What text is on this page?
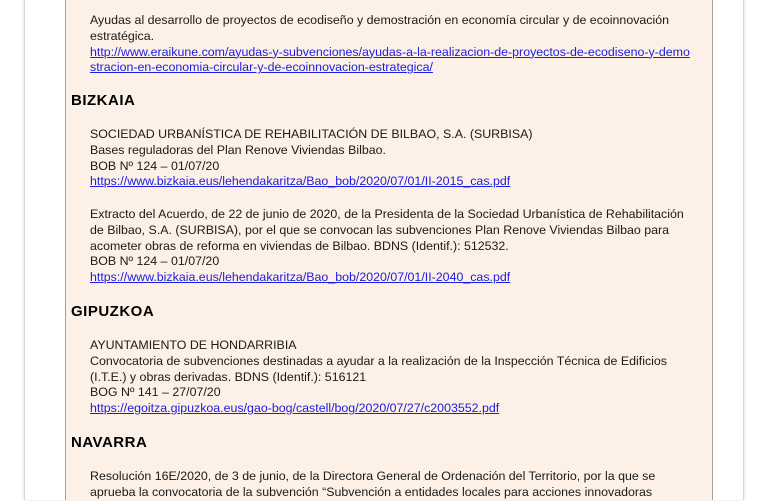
Ayudas al desarrollo de proyectos de ecodiseño y demostración en economía circular y de ecoinnovación estratégica.

http://www.eraikune.com/ayudas-y-subvenciones/ayudas-a-la-realizacion-de-proyectos-de-ecodiseno-y-demostracion-en-economia-circular-y-de-ecoinnovacion-estrategica/
BIZKAIA

SOCIEDAD URBANÍSTICA DE REHABILITACIÓN DE BILBAO, S.A. (SURBISA)

Bases reguladoras del Plan Renove Viviendas Bilbao.

BOB Nº 124 – 01/07/20

https://www.bizkaia.eus/lehendakaritza/Bao_bob/2020/07/01/II-2015_cas.pdf

Extracto del Acuerdo, de 22 de junio de 2020, de la Presidenta de la Sociedad Urbanística de Rehabilitación de Bilbao, S.A. (SURBISA), por el que se convocan las subvenciones Plan Renove Viviendas Bilbao para acometer obras de reforma en viviendas de Bilbao. BDNS (Identif.): 512532.

BOB Nº 124 – 01/07/20

https://www.bizkaia.eus/lehendakaritza/Bao_bob/2020/07/01/II-2040_cas.pdf
GIPUZKOA

AYUNTAMIENTO DE HONDARRIBIA

Convocatoria de subvenciones destinadas a ayudar a la realización de la Inspección Técnica de Edificios (I.T.E.) y obras derivadas. BDNS (Identif.): 516121

BOG Nº 141 – 27/07/20

https://egoitza.gipuzkoa.eus/gao-bog/castell/bog/2020/07/27/c2003552.pdf
NAVARRA

Resolución 16E/2020, de 3 de junio, de la Directora General de Ordenación del Territorio, por la que se aprueba la convocatoria de la subvención “Subvención a entidades locales para acciones innovadoras
